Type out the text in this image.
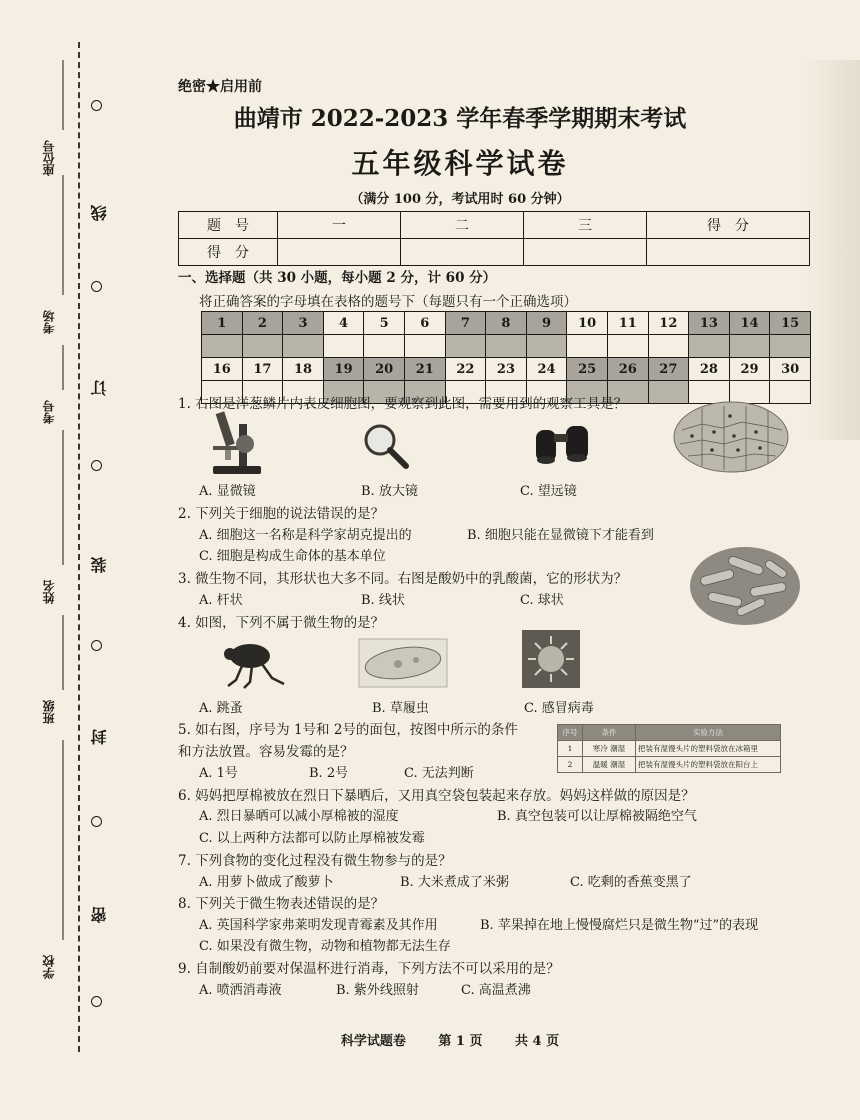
座位号
考场
考号
姓名
班级
学校
线
订
装
封
密
绝密★启用前
曲靖市 2022-2023 学年春季学期期末考试
五年级科学试卷
（满分 100 分，考试用时 60 分钟）
题　号	一	二	三	得　分
得　分				
一、选择题（共 30 小题，每小题 2 分，计 60 分）
将正确答案的字母填在表格的题号下（每题只有一个正确选项）
1	2	3	4	5	6	7	8	9	10	11	12	13	14	15

16	17	18	19	20	21	22	23	24	25	26	27	28	29	30

1. 右图是洋葱鳞片内表皮细胞图，要观察到此图，需要用到的观察工具是？
A. 显微镜	B. 放大镜	C. 望远镜
2. 下列关于细胞的说法错误的是？
A. 细胞这一名称是科学家胡克提出的	B. 细胞只能在显微镜下才能看到
C. 细胞是构成生命体的基本单位
3. 微生物不同，其形状也大多不同。右图是酸奶中的乳酸菌，它的形状为？
A. 杆状	B. 线状	C. 球状
4. 如图，下列不属于微生物的是？
A. 跳蚤	B. 草履虫	C. 感冒病毒
5. 如右图，序号为 1号和 2号的面包，按图中所示的条件
和方法放置。容易发霉的是？
序号	条件	实验方法
1	寒冷 潮湿	把装有湿馒头片的塑料袋放在冰箱里
2	温暖 潮湿	把装有湿馒头片的塑料袋放在阳台上
A. 1号	B. 2号	C. 无法判断
6. 妈妈把厚棉被放在烈日下暴晒后，又用真空袋包装起来存放。妈妈这样做的原因是？
A. 烈日暴晒可以减小厚棉被的湿度	B. 真空包装可以让厚棉被隔绝空气
C. 以上两种方法都可以防止厚棉被发霉
7. 下列食物的变化过程没有微生物参与的是？
A. 用萝卜做成了酸萝卜	B. 大米煮成了米粥	C. 吃剩的香蕉变黑了
8. 下列关于微生物表述错误的是？
A. 英国科学家弗莱明发现青霉素及其作用	B. 苹果掉在地上慢慢腐烂只是微生物“过”的表现
C. 如果没有微生物，动物和植物都无法生存
9. 自制酸奶前要对保温杯进行消毒，下列方法不可以采用的是？
A. 喷洒消毒液	B. 紫外线照射	C. 高温煮沸
科学试题卷	第 1 页	共 4 页
